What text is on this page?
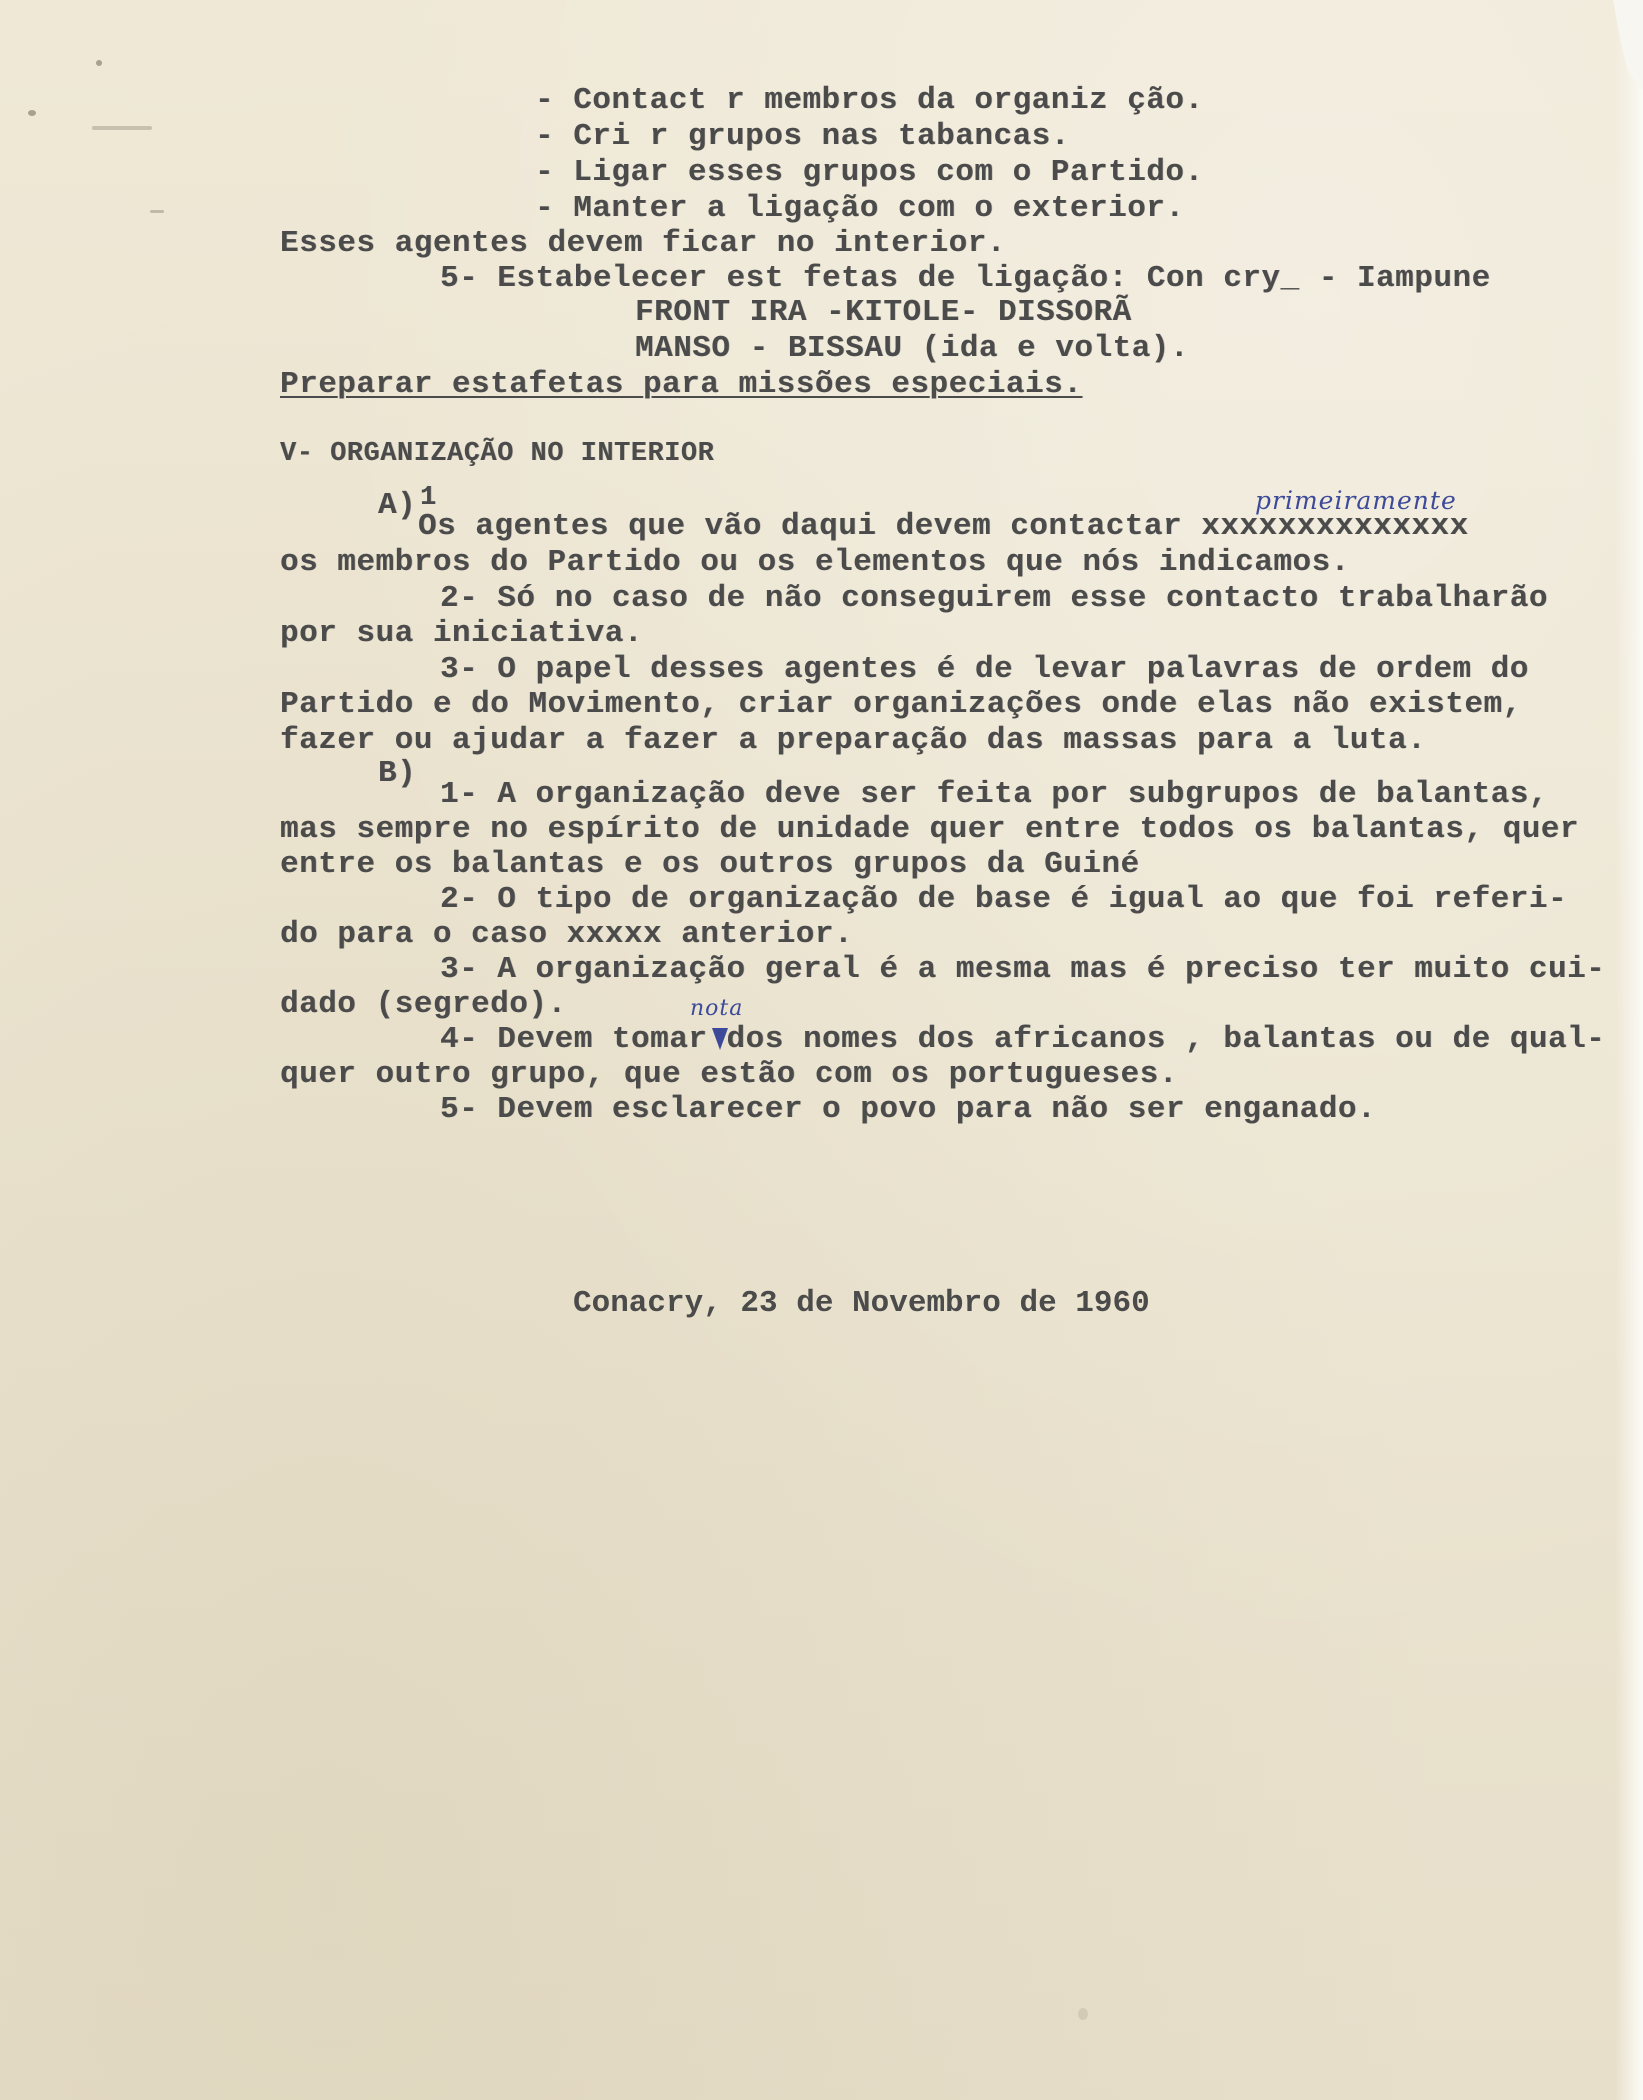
- Contact r membros da organiz ção.
- Cri r grupos nas tabancas.
- Ligar esses grupos com o Partido.
- Manter a ligação com o exterior.
Esses agentes devem ficar no interior.
5- Estabelecer est fetas de ligação: Con cry_ - Iampune
FRONT IRA -KITOLE- DISSORÃ
MANSO - BISSAU (ida e volta).
Preparar estafetas para missões especiais.
V- ORGANIZAÇÃO NO INTERIOR
A) 1	primeiramente
Os agentes que vão daqui devem contactar xxxxxxxxxxxxxx
os membros do Partido ou os elementos que nós indicamos.
2- Só no caso de não conseguirem esse contacto trabalharão
por sua iniciativa.
3- O papel desses agentes é de levar palavras de ordem do
Partido e do Movimento, criar organizações onde elas não existem,
fazer ou ajudar a fazer a preparação das massas para a luta.
B)
1- A organização deve ser feita por subgrupos de balantas,
mas sempre no espírito de unidade quer entre todos os balantas, quer
entre os balantas e os outros grupos da Guiné
2- O tipo de organização de base é igual ao que foi referi-
do para o caso xxxxx anterior.
3- A organização geral é a mesma mas é preciso ter muito cui-
dado (segredo).	nota
4- Devem tomar dos nomes dos africanos , balantas ou de qual-
quer outro grupo, que estão com os portugueses.
5- Devem esclarecer o povo para não ser enganado.
Conacry, 23 de Novembro de 1960
